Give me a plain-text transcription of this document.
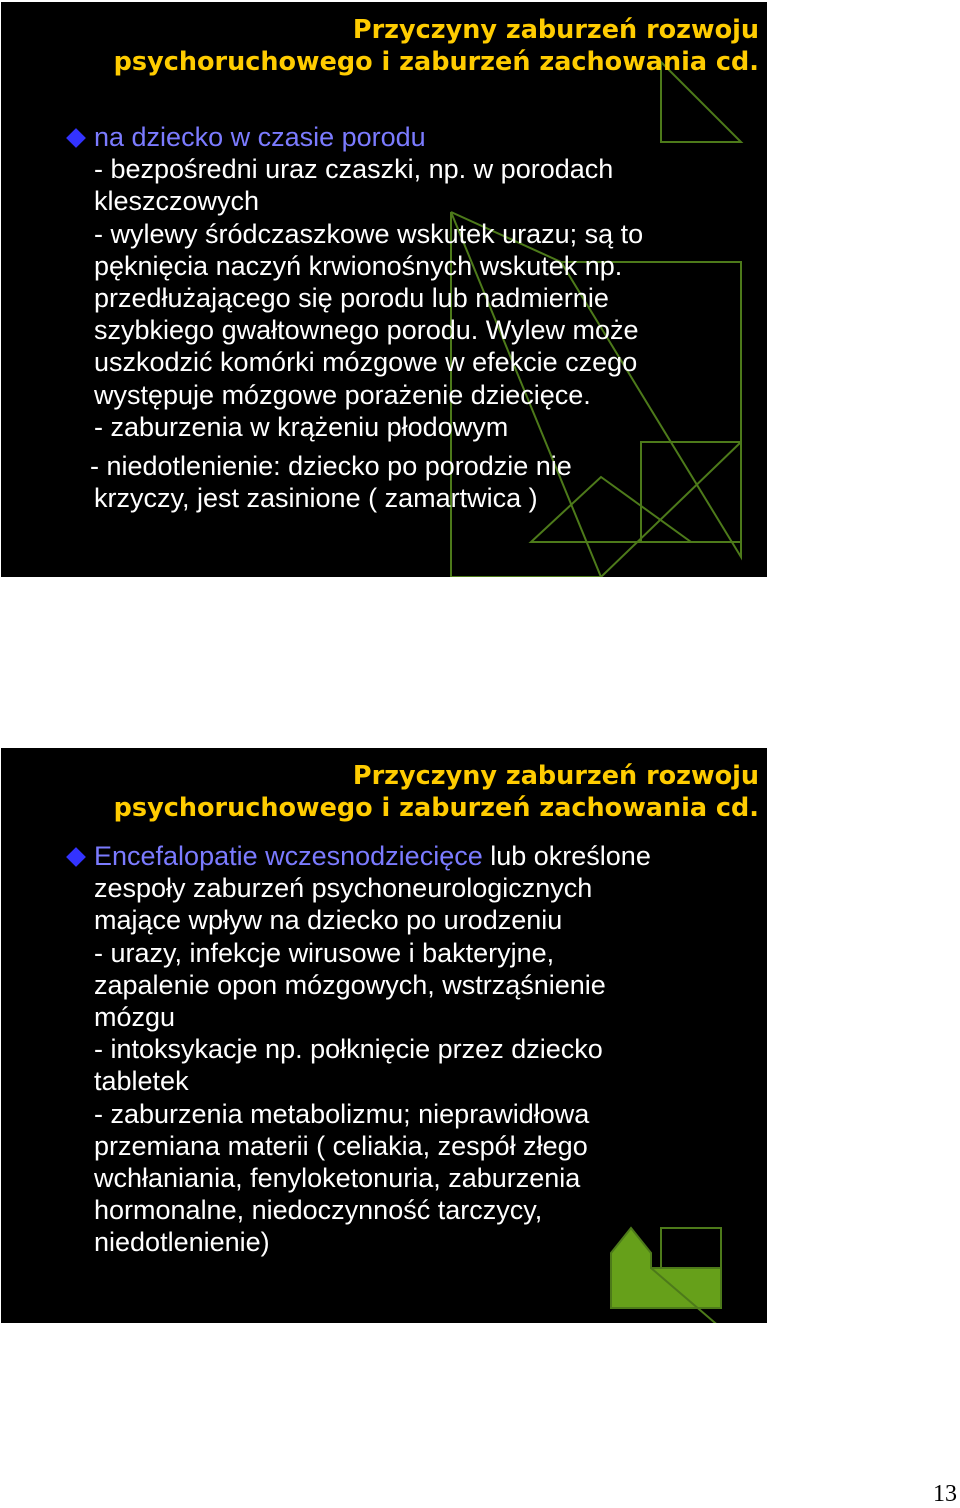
Przyczyny zaburzeń rozwoju
psychoruchowego i zaburzeń zachowania cd.
na dziecko w czasie porodu
- bezpośredni uraz czaszki, np. w porodach
kleszczowych
- wylewy śródczaszkowe wskutek urazu; są to
pęknięcia naczyń krwionośnych wskutek np.
przedłużającego się porodu lub nadmiernie
szybkiego gwałtownego porodu. Wylew może
uszkodzić komórki mózgowe w efekcie czego
występuje mózgowe porażenie dziecięce.
- zaburzenia w krążeniu płodowym
- niedotlenienie: dziecko po porodzie nie
krzyczy, jest zasinione ( zamartwica )
Przyczyny zaburzeń rozwoju
psychoruchowego i zaburzeń zachowania cd.
Encefalopatie wczesnodziecięce lub określone
zespoły zaburzeń psychoneurologicznych
mające wpływ na dziecko po urodzeniu
- urazy, infekcje wirusowe i bakteryjne,
zapalenie opon mózgowych, wstrząśnienie
mózgu
- intoksykacje np. połknięcie przez dziecko
tabletek
- zaburzenia metabolizmu; nieprawidłowa
przemiana materii ( celiakia, zespół złego
wchłaniania, fenyloketonuria, zaburzenia
hormonalne, niedoczynność tarczycy,
niedotlenienie)
13
